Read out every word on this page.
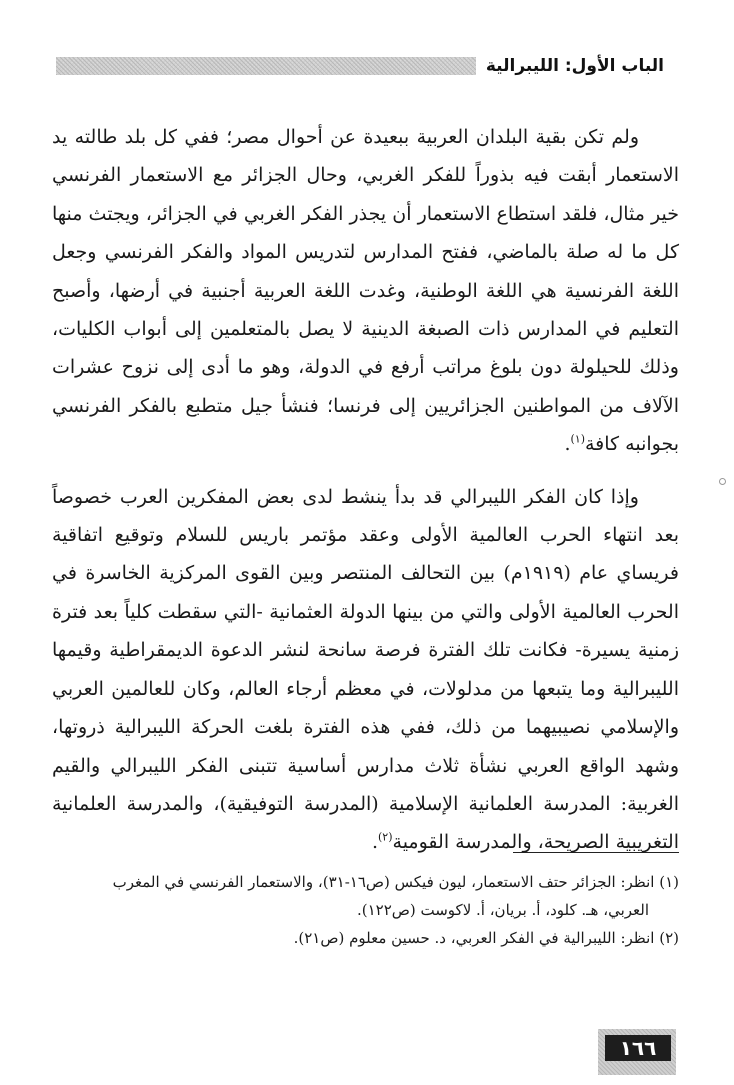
الباب الأول: الليبرالية

ولم تكن بقية البلدان العربية ببعيدة عن أحوال مصر؛ ففي كل بلد طالته يد الاستعمار أبقت فيه بذوراً للفكر الغربي، وحال الجزائر مع الاستعمار الفرنسي خير مثال، فلقد استطاع الاستعمار أن يجذر الفكر الغربي في الجزائر، ويجتث منها كل ما له صلة بالماضي، ففتح المدارس لتدريس المواد والفكر الفرنسي وجعل اللغة الفرنسية هي اللغة الوطنية، وغدت اللغة العربية أجنبية في أرضها، وأصبح التعليم في المدارس ذات الصبغة الدينية لا يصل بالمتعلمين إلى أبواب الكليات، وذلك للحيلولة دون بلوغ مراتب أرفع في الدولة، وهو ما أدى إلى نزوح عشرات الآلاف من المواطنين الجزائريين إلى فرنسا؛ فنشأ جيل متطبع بالفكر الفرنسي بجوانبه كافة$^{(١)}$.

وإذا كان الفكر الليبرالي قد بدأ ينشط لدى بعض المفكرين العرب خصوصاً بعد انتهاء الحرب العالمية الأولى وعقد مؤتمر باريس للسلام وتوقيع اتفاقية فريساي عام (١٩١٩م) بين التحالف المنتصر وبين القوى المركزية الخاسرة في الحرب العالمية الأولى والتي من بينها الدولة العثمانية -التي سقطت كلياً بعد فترة زمنية يسيرة- فكانت تلك الفترة فرصة سانحة لنشر الدعوة الديمقراطية وقيمها الليبرالية وما يتبعها من مدلولات، في معظم أرجاء العالم، وكان للعالمين العربي والإسلامي نصيبيهما من ذلك، ففي هذه الفترة بلغت الحركة الليبرالية ذروتها، وشهد الواقع العربي نشأة ثلاث مدارس أساسية تتبنى الفكر الليبرالي والقيم الغربية: المدرسة العلمانية الإسلامية (المدرسة التوفيقية)، والمدرسة العلمانية التغريبية الصريحة، والمدرسة القومية$^{(٢)}$.

(١) انظر: الجزائر حتف الاستعمار، ليون فيكس (ص١٦-٣١)، والاستعمار الفرنسي في المغرب

العربي، هـ. كلود، أ. بريان، أ. لاكوست (ص١٢٢).

(٢) انظر: الليبرالية في الفكر العربي، د. حسين معلوم (ص٢١).

١٦٦
